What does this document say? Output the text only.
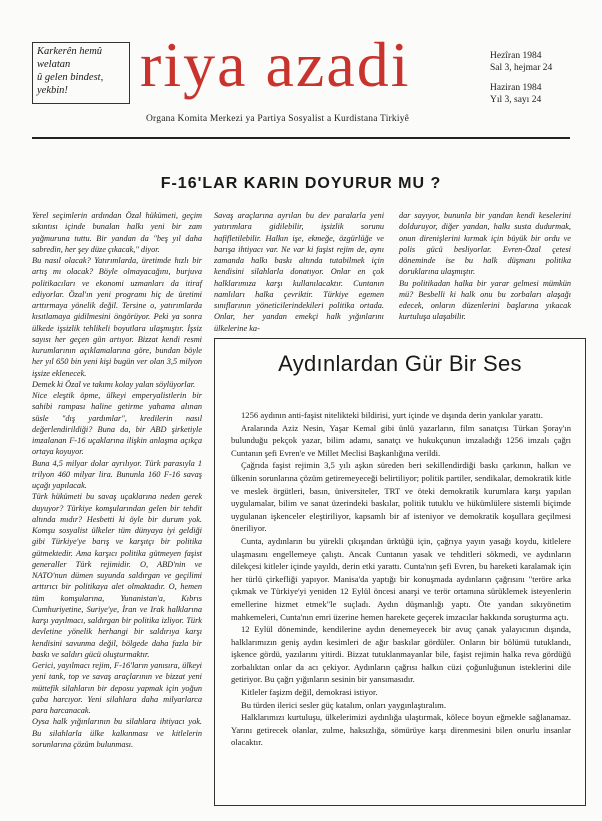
Karkerên hemû
welatan
û gelen bindest,
yekbin!	riya azadi	Hezîran 1984
Sal 3, hejmar 24
Haziran 1984
Yıl 3, sayı 24
Organa Komita Merkezi ya Partiya Sosyalist a Kurdistana Tirkiyê
F-16'LAR KARIN DOYURUR MU ?

Yerel seçimlerin ardından Özal hükümeti, geçim sıkıntısı içinde bunalan halkı yeni bir zam yağmuruna tuttu. Bir yandan da "beş yıl daha sabredin, her şey düze çıkacak," diyor.

Bu nasıl olacak? Yatırımlarda, üretimde hızlı bir artış mı olacak? Böyle olmayacağını, burjuva politikacıları ve ekonomi uzmanları da itiraf ediyorlar. Özal'ın yeni programı hiç de üretimi arttırmaya yönelik değil. Tersine o, yatırımlarda kısıtlamaya gidilmesini öngörüyor. Peki ya sonra ülkede işsizlik tehlikeli boyutlara ulaşmıştır. İşsiz sayısı her geçen gün artıyor. Bizzat kendi resmi kurumlarının açıklamalarına göre, bundan böyle her yıl 650 bin yeni kişi bugün ver olan 3,5 milyon işsize eklenecek.

Demek ki Özal ve takımı kolay yalan söylüyorlar.

Nice eleştik öpme, ülkeyi emperyalistlerin bir sahibi rampası haline getirme yahama alınan süsle "dış yardımlar", kredilerin nasıl değerlendirildiği? Buna da, bir ABD şirketiyle imzalanan F-16 uçaklarına ilişkin anlaşma açıkça ortaya koyuyor.

Buna 4,5 milyar dolar ayrılıyor. Türk parasıyla 1 trilyon 460 milyar lira. Bununla 160 F-16 savaş uçağı yapılacak.

Türk hükümeti bu savaş uçaklarına neden gerek duyuyor? Türkiye komşularından gelen bir tehdit altında mıdır? Hesbetti ki öyle bir durum yok. Komşu sosyalist ülkeler tüm dünyaya iyi geldiği gibi Türkiye'ye barış ve karşıtçı bir politika gütmektedir. Ama karşıcı politika gütmeyen faşist generaller Türk rejimidir. O, ABD'nin ve NATO'nun dümen suyunda saldırgan ve geçilimi arttırıcı bir politikaya alet olmaktadır. O, hemen tüm komşularına, Yunanistan'a, Kıbrıs Cumhuriyetine, Suriye'ye, İran ve Irak halklarına karşı yayılmacı, saldırgan bir politika izliyor. Türk devletine yönelik herhangi bir saldırıya karşı kendisini savunma değil, bölgede daha fazla bir baskı ve saldırı gücü oluşturmaktır.

Gerici, yayılmacı rejim, F-16'ların yanısıra, ülkeyi yeni tank, top ve savaş araçlarının ve bizzat yeni müttefik silahların bir deposu yapmak için yoğun çaba harcıyor. Yeni silahlara daha milyarlarca para harcanacak.

Oysa halk yığınlarının bu silahlara ihtiyacı yok. Bu silahlarla ülke kalkınması ve kitlelerin sorunlarına çözüm bulunması.

Savaş araçlarına ayrılan bu dev paralarla yeni yatırımlara gidilebilir, işsizlik sorunu hafifletilebilir. Halkın işe, ekmeğe, özgürlüğe ve barışa ihtiyacı var. Ne var ki faşist rejim de, aynı zamanda halkı baskı altında tutabilmek için kendisini silahlarla donatıyor. Onlar en çok halklarımıza karşı kullanılacaktır. Cuntanın namlıları halka çevriktir. Türkiye egemen sınıflarının yöneticilerindekileri politika ortada. Onlar, her yandan emekçi halk yığınlarını ülkelerine ka-

dar sayıyor, bununla bir yandan kendi keselerini dolduruyor, diğer yandan, halkı susta dudurmak, onun direnişlerini kırmak için büyük bir ordu ve polis gücü besliyorlar. Evren-Özal çetesi döneminde ise bu halk düşmanı politika doruklarına ulaşmıştır.

Bu politikadan halka bir yarar gelmesi mümkün mü? Besbelli ki halk onu bu zorbaları alaşağı edecek, onların düzenlerini başlarına yıkacak kurtuluşa ulaşabilir.

Aydınlardan Gür Bir Ses

1256 aydının anti-faşist nitelikteki bildirisi, yurt içinde ve dışında derin yankılar yarattı.

Aralarında Aziz Nesin, Yaşar Kemal gibi ünlü yazarların, film sanatçısı Türkan Şoray'ın bulunduğu pekçok yazar, bilim adamı, sanatçı ve hukukçunun imzaladığı 1256 imzalı çağrı Cuntanın şefi Evren'e ve Millet Meclisi Başkanlığına verildi.

Çağrıda faşist rejimin 3,5 yılı aşkın süreden beri sekillendirdiği baskı çarkının, halkın ve ülkenin sorunlarına çözüm getiremeyeceği belirtiliyor; politik partiler, sendikalar, demokratik kitle ve meslek örgütleri, basın, üniversiteler, TRT ve öteki demokratik kurumlara karşı yapılan uygulamalar, bilim ve sanat üzerindeki baskılar, politik tutuklu ve hükümlülere sistemli biçimde uygulanan işkenceler eleştiriliyor, kapsamlı bir af isteniyor ve demokratik koşullara geçilmesi öneriliyor.

Cunta, aydınların bu yürekli çıkışından ürktüğü için, çağrıya yayın yasağı koydu, kitlelere ulaşmasını engellemeye çalıştı. Ancak Cuntanın yasak ve tehditleri sökmedi, ve aydınların dilekçesi kitleler içinde yayıldı, derin etki yarattı. Cunta'nın şefi Evren, bu hareketi karalamak için her türlü çirkefliği yapıyor. Manisa'da yaptığı bir konuşmada aydınların çağrısını "teröre arka çıkmak ve Türkiye'yi yeniden 12 Eylül öncesi anarşi ve terör ortamına sürüklemek isteyenlerin emellerine hizmet etmek"le suçladı. Aydın düşmanlığı yaptı. Öte yandan sıkıyönetim mahkemeleri, Cunta'nın emri üzerine hemen harekete geçerek imzacılar hakkında soruşturma açtı.

12 Eylül döneminde, kendilerine aydın denemeyecek bir avuç çanak yalayıcının dışında, halklarımızın geniş aydın kesimleri de ağır baskılar gördüler. Onların bir bölümü tutuklandı, işkence gördü, yazılarını yitirdi. Bizzat tutuklanmayanlar bile, faşist rejimin halka reva gördüğü zorbalıktan onlar da acı çekiyor. Aydınların çağrısı halkın cüzi çoğunluğunun isteklerini dile getiriyor. Bu çağrı yığınların sesinin bir yansımasıdır.

Kitleler faşizm değil, demokrasi istiyor.

Bu türden ilerici sesler güç katalım, onları yaygınlaştıralım.

Halklarımızı kurtuluşu, ülkelerimizi aydınlığa ulaştırmak, kölece boyun eğmekle sağlanamaz. Yarını getirecek olanlar, zulme, haksızlığa, sömürüye karşı direnmesini bilen onurlu insanlar olacaktır.
